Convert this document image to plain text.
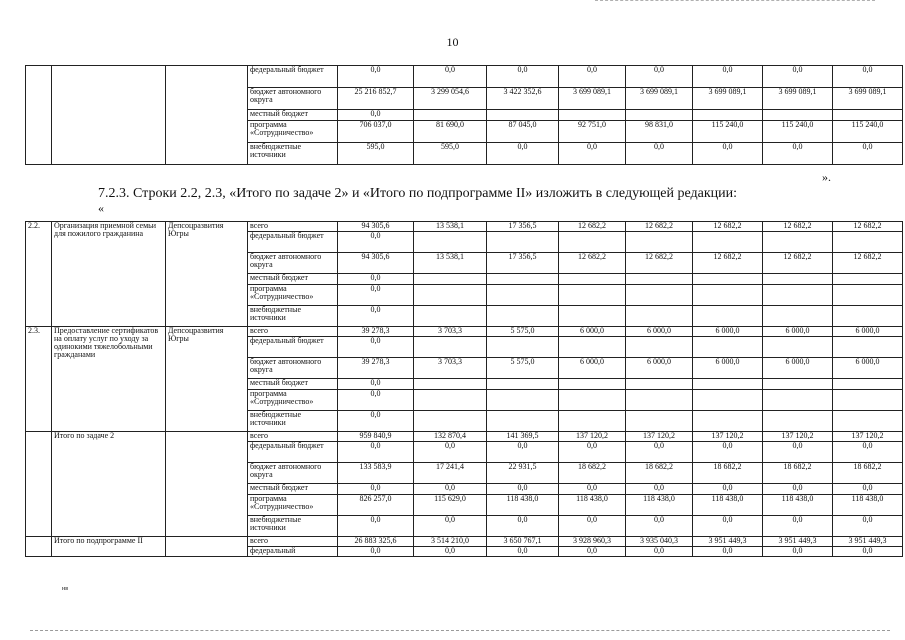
10
			федеральный бюджет	0,0	0,0	0,0	0,0	0,0	0,0	0,0	0,0
			бюджет автономного округа	25 216 852,7	3 299 054,6	3 422 352,6	3 699 089,1	3 699 089,1	3 699 089,1	3 699 089,1	3 699 089,1
			местный бюджет	0,0							
			программа «Сотрудничество»	706 037,0	81 690,0	87 045,0	92 751,0	98 831,0	115 240,0	115 240,0	115 240,0
			внебюджетные источники	595,0	595,0	0,0	0,0	0,0	0,0	0,0	0,0
».
7.2.3. Строки 2.2, 2.3, «Итого по задаче 2» и «Итого по подпрограмме II» изложить в следующей редакции:
«
2.2.	Организация приемной семьи для пожилого гражданина	Депсоцразвития Югры	всего	94 305,6	13 538,1	17 356,5	12 682,2	12 682,2	12 682,2	12 682,2	12 682,2
			федеральный бюджет	0,0							
			бюджет автономного округа	94 305,6	13 538,1	17 356,5	12 682,2	12 682,2	12 682,2	12 682,2	12 682,2
			местный бюджет	0,0							
			программа «Сотрудничество»	0,0							
			внебюджетные источники	0,0							
2.3.	Предоставление сертификатов на оплату услуг по уходу за одинокими тяжелобольными гражданами	Депсоцразвития Югры	всего	39 278,3	3 703,3	5 575,0	6 000,0	6 000,0	6 000,0	6 000,0	6 000,0
			федеральный бюджет	0,0							
			бюджет автономного округа	39 278,3	3 703,3	5 575,0	6 000,0	6 000,0	6 000,0	6 000,0	6 000,0
			местный бюджет	0,0							
			программа «Сотрудничество»	0,0							
			внебюджетные источники	0,0							
	Итого по задаче 2		всего	959 840,9	132 870,4	141 369,5	137 120,2	137 120,2	137 120,2	137 120,2	137 120,2
			федеральный бюджет	0,0	0,0	0,0	0,0	0,0	0,0	0,0	0,0
			бюджет автономного округа	133 583,9	17 241,4	22 931,5	18 682,2	18 682,2	18 682,2	18 682,2	18 682,2
			местный бюджет	0,0	0,0	0,0	0,0	0,0	0,0	0,0	0,0
			программа «Сотрудничество»	826 257,0	115 629,0	118 438,0	118 438,0	118 438,0	118 438,0	118 438,0	118 438,0
			внебюджетные источники	0,0	0,0	0,0	0,0	0,0	0,0	0,0	0,0
	Итого по подпрограмме II		всего	26 883 325,6	3 514 210,0	3 650 767,1	3 928 960,3	3 935 040,3	3 951 449,3	3 951 449,3	3 951 449,3
			федеральный	0,0	0,0	0,0	0,0	0,0	0,0	0,0	0,0
нв
